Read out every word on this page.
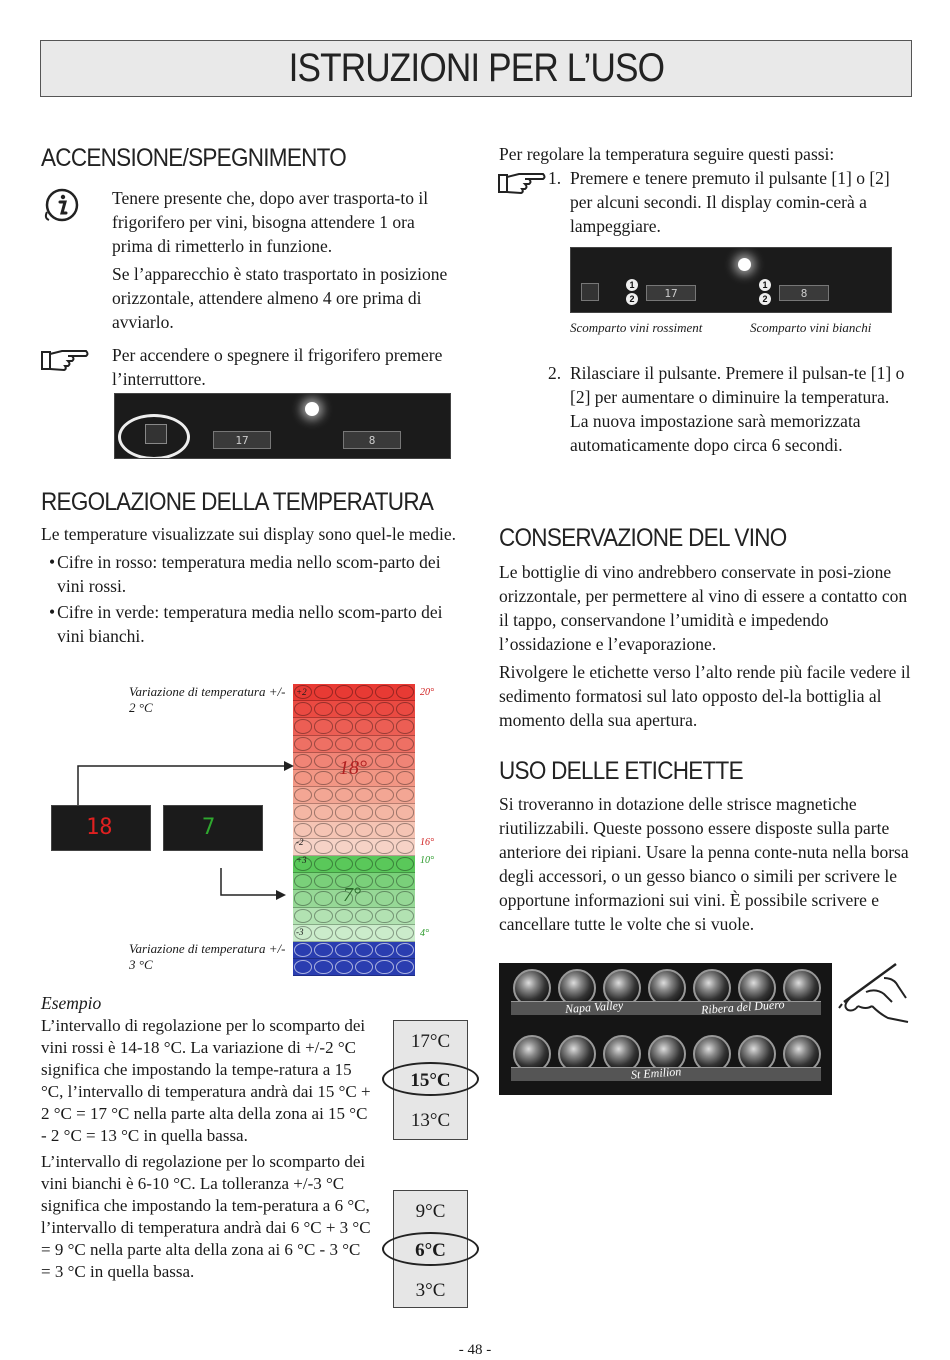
ISTRUZIONI PER L’USO
ACCENSIONE/SPEGNIMENTO

Tenere presente che, dopo aver trasporta-to il frigorifero per vini, bisogna attendere 1 ora prima di rimetterlo in funzione.

Se l’apparecchio è stato trasportato in posizione orizzontale, attendere almeno 4 ore prima di avviarlo.

Per accendere o spegnere il frigorifero premere l’interruttore.
17	8
REGOLAZIONE DELLA TEMPERATURA

Le temperature visualizzate sui display sono quel-le medie.

• Cifre in rosso: temperatura media nello scom-parto dei vini rossi.
• Cifre in verde: temperatura media nello scom-parto dei vini bianchi.
Variazione di temperatura +/- 2 °C
Variazione di temperatura +/- 3 °C
18°
7°
+2
-2
+3
-3
20°
16°
10°
4°
18	7
Esempio

L’intervallo di regolazione per lo scomparto dei vini rossi è 14-18 °C. La variazione di +/-2 °C significa che impostando la tempe-ratura a 15 °C, l’intervallo di temperatura andrà dai 15 °C + 2 °C = 17 °C nella parte alta della zona ai 15 °C - 2 °C = 13 °C in quella bassa.

L’intervallo di regolazione per lo scomparto dei vini bianchi è 6-10 °C. La tolleranza +/-3 °C significa che impostando la tem-peratura a 6 °C, l’intervallo di temperatura andrà dai 6 °C + 3 °C = 9 °C nella parte alta della zona ai 6 °C - 3 °C = 3 °C in quella bassa.

17°C
15°C
13°C
9°C
6°C
3°C
Per regolare la temperatura seguire questi passi:
1. Premere e tenere premuto il pulsante [1] o [2] per alcuni secondi. Il display comin-cerà a lampeggiare.
1
2	17
1
2	8
Scomparto vini rossiment	Scomparto vini bianchi
2. Rilasciare il pulsante. Premere il pulsan-te [1] o [2] per aumentare o diminuire la temperatura. La nuova impostazione sarà memorizzata automaticamente dopo circa 6 secondi.
CONSERVAZIONE DEL VINO

Le bottiglie di vino andrebbero conservate in posi-zione orizzontale, per permettere al vino di essere a contatto con il tappo, conservandone l’umidità e impedendo l’ossidazione e l’evaporazione.

Rivolgere le etichette verso l’alto rende più facile vedere il sedimento formatosi sul lato opposto del-la bottiglia al momento della sua apertura.

USO DELLE ETICHETTE
Si troveranno in dotazione delle strisce magnetiche riutilizzabili. Queste possono essere disposte sulla parte anteriore dei ripiani. Usare la penna conte-nuta nella borsa degli accessori, o un gesso bianco o simili per scrivere le opportune informazioni sui vini. È possibile scrivere e cancellare tutte le volte che si vuole.
Napa Valley	Ribera del Duero
St Emilion
- 48 -
